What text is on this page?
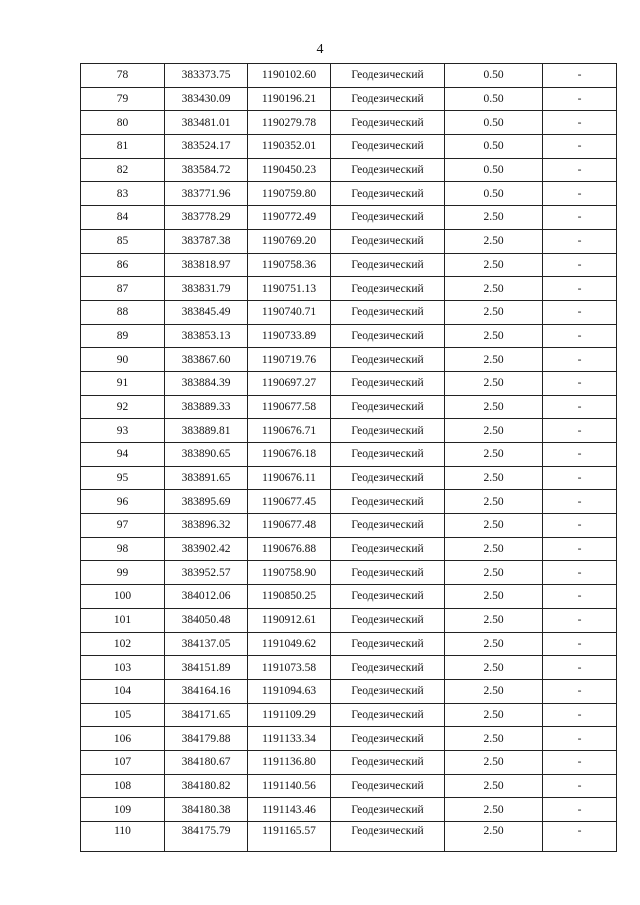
4
78	383373.75	1190102.60	Геодезический	0.50	-
79	383430.09	1190196.21	Геодезический	0.50	-
80	383481.01	1190279.78	Геодезический	0.50	-
81	383524.17	1190352.01	Геодезический	0.50	-
82	383584.72	1190450.23	Геодезический	0.50	-
83	383771.96	1190759.80	Геодезический	0.50	-
84	383778.29	1190772.49	Геодезический	2.50	-
85	383787.38	1190769.20	Геодезический	2.50	-
86	383818.97	1190758.36	Геодезический	2.50	-
87	383831.79	1190751.13	Геодезический	2.50	-
88	383845.49	1190740.71	Геодезический	2.50	-
89	383853.13	1190733.89	Геодезический	2.50	-
90	383867.60	1190719.76	Геодезический	2.50	-
91	383884.39	1190697.27	Геодезический	2.50	-
92	383889.33	1190677.58	Геодезический	2.50	-
93	383889.81	1190676.71	Геодезический	2.50	-
94	383890.65	1190676.18	Геодезический	2.50	-
95	383891.65	1190676.11	Геодезический	2.50	-
96	383895.69	1190677.45	Геодезический	2.50	-
97	383896.32	1190677.48	Геодезический	2.50	-
98	383902.42	1190676.88	Геодезический	2.50	-
99	383952.57	1190758.90	Геодезический	2.50	-
100	384012.06	1190850.25	Геодезический	2.50	-
101	384050.48	1190912.61	Геодезический	2.50	-
102	384137.05	1191049.62	Геодезический	2.50	-
103	384151.89	1191073.58	Геодезический	2.50	-
104	384164.16	1191094.63	Геодезический	2.50	-
105	384171.65	1191109.29	Геодезический	2.50	-
106	384179.88	1191133.34	Геодезический	2.50	-
107	384180.67	1191136.80	Геодезический	2.50	-
108	384180.82	1191140.56	Геодезический	2.50	-
109	384180.38	1191143.46	Геодезический	2.50	-
110	384175.79	1191165.57	Геодезический	2.50	-
